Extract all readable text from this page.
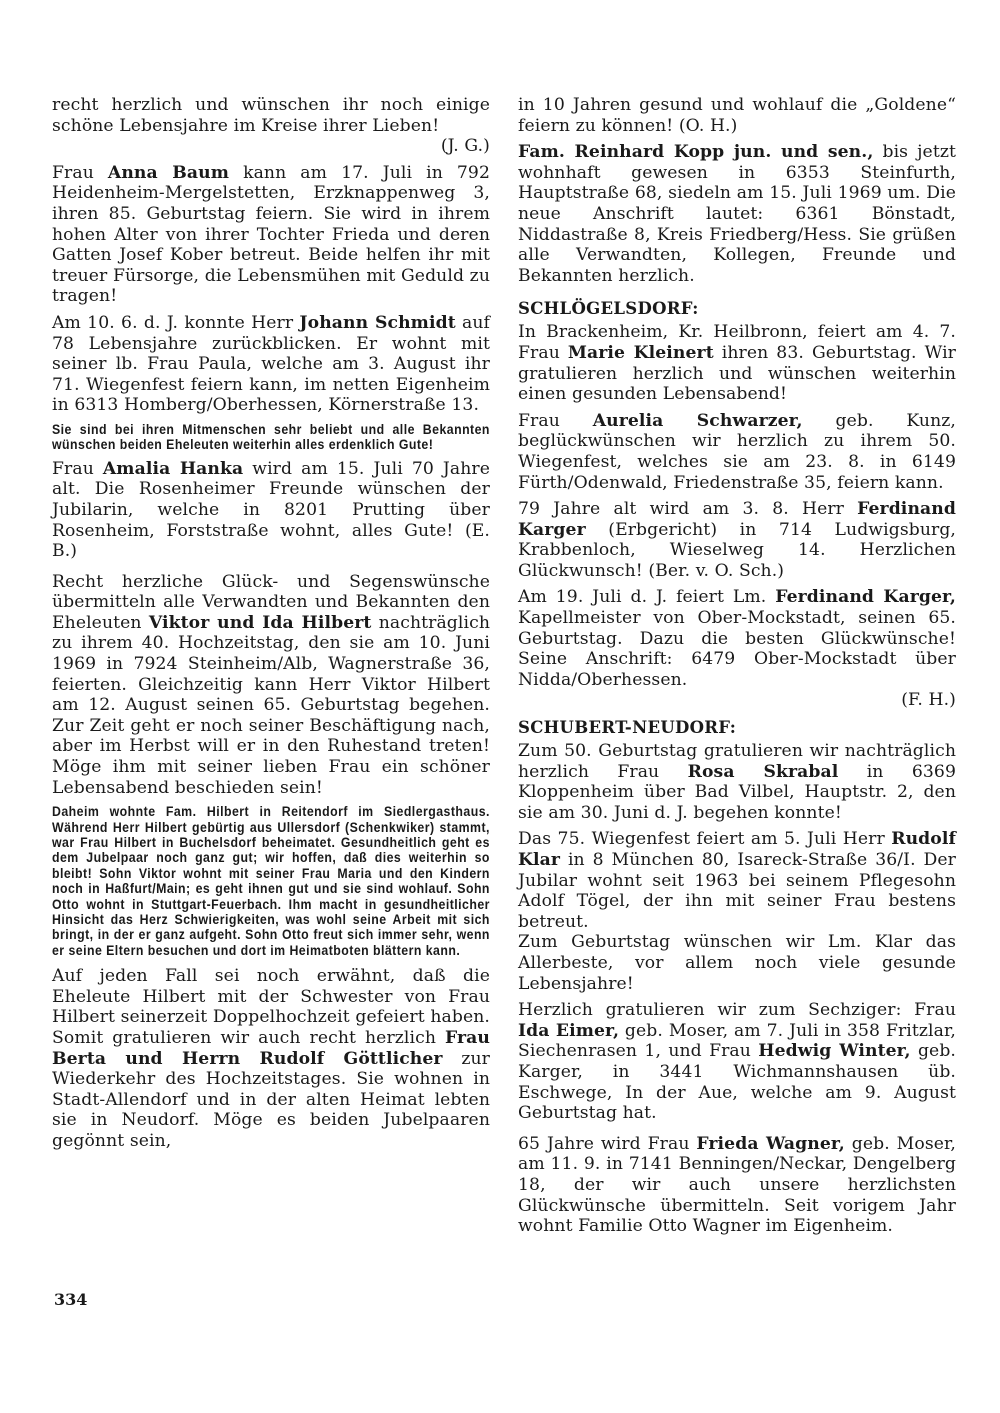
recht herzlich und wünschen ihr noch einige schöne Lebensjahre im Kreise ihrer Lieben!
(J. G.)

Frau Anna Baum kann am 17. Juli in 792 Heidenheim-Mergelstetten, Erzknappenweg 3, ihren 85. Geburtstag feiern. Sie wird in ihrem hohen Alter von ihrer Tochter Frieda und deren Gatten Josef Kober betreut. Beide helfen ihr mit treuer Fürsorge, die Lebensmühen mit Geduld zu tragen!

Am 10. 6. d. J. konnte Herr Johann Schmidt auf 78 Lebensjahre zurückblicken. Er wohnt mit seiner lb. Frau Paula, welche am 3. August ihr 71. Wiegenfest feiern kann, im netten Eigenheim in 6313 Homberg/Oberhessen, Körnerstraße 13.

Sie sind bei ihren Mitmenschen sehr beliebt und alle Bekannten wünschen beiden Eheleuten weiterhin alles erdenklich Gute!

Frau Amalia Hanka wird am 15. Juli 70 Jahre alt. Die Rosenheimer Freunde wünschen der Jubilarin, welche in 8201 Prutting über Rosenheim, Forststraße wohnt, alles Gute! (E. B.)

Recht herzliche Glück- und Segenswünsche übermitteln alle Verwandten und Bekannten den Eheleuten Viktor und Ida Hilbert nachträglich zu ihrem 40. Hochzeitstag, den sie am 10. Juni 1969 in 7924 Steinheim/Alb, Wagnerstraße 36, feierten. Gleichzeitig kann Herr Viktor Hilbert am 12. August seinen 65. Geburtstag begehen. Zur Zeit geht er noch seiner Beschäftigung nach, aber im Herbst will er in den Ruhestand treten! Möge ihm mit seiner lieben Frau ein schöner Lebensabend beschieden sein!

Daheim wohnte Fam. Hilbert in Reitendorf im Siedlergasthaus. Während Herr Hilbert gebürtig aus Ullersdorf (Schenkwiker) stammt, war Frau Hilbert in Buchelsdorf beheimatet. Gesundheitlich geht es dem Jubelpaar noch ganz gut; wir hoffen, daß dies weiterhin so bleibt! Sohn Viktor wohnt mit seiner Frau Maria und den Kindern noch in Haßfurt/Main; es geht ihnen gut und sie sind wohlauf. Sohn Otto wohnt in Stuttgart-Feuerbach. Ihm macht in gesundheitlicher Hinsicht das Herz Schwierigkeiten, was wohl seine Arbeit mit sich bringt, in der er ganz aufgeht. Sohn Otto freut sich immer sehr, wenn er seine Eltern besuchen und dort im Heimatboten blättern kann.

Auf jeden Fall sei noch erwähnt, daß die Eheleute Hilbert mit der Schwester von Frau Hilbert seinerzeit Doppelhochzeit gefeiert haben. Somit gratulieren wir auch recht herzlich Frau Berta und Herrn Rudolf Göttlicher zur Wiederkehr des Hochzeitstages. Sie wohnen in Stadt-Allendorf und in der alten Heimat lebten sie in Neudorf. Möge es beiden Jubelpaaren gegönnt sein,

in 10 Jahren gesund und wohlauf die „Goldene“ feiern zu können! (O. H.)

Fam. Reinhard Kopp jun. und sen., bis jetzt wohnhaft gewesen in 6353 Steinfurth, Hauptstraße 68, siedeln am 15. Juli 1969 um. Die neue Anschrift lautet: 6361 Bönstadt, Niddastraße 8, Kreis Friedberg/Hess. Sie grüßen alle Verwandten, Kollegen, Freunde und Bekannten herzlich.

SCHLÖGELSDORF:

In Brackenheim, Kr. Heilbronn, feiert am 4. 7. Frau Marie Kleinert ihren 83. Geburtstag. Wir gratulieren herzlich und wünschen weiterhin einen gesunden Lebensabend!

Frau Aurelia Schwarzer, geb. Kunz, beglückwünschen wir herzlich zu ihrem 50. Wiegenfest, welches sie am 23. 8. in 6149 Fürth/Odenwald, Friedenstraße 35, feiern kann.

79 Jahre alt wird am 3. 8. Herr Ferdinand Karger (Erbgericht) in 714 Ludwigsburg, Krabbenloch, Wieselweg 14. Herzlichen Glückwunsch! (Ber. v. O. Sch.)

Am 19. Juli d. J. feiert Lm. Ferdinand Karger, Kapellmeister von Ober-Mockstadt, seinen 65. Geburtstag. Dazu die besten Glückwünsche! Seine Anschrift: 6479 Ober-Mockstadt über Nidda/Oberhessen.
(F. H.)

SCHUBERT-NEUDORF:

Zum 50. Geburtstag gratulieren wir nachträglich herzlich Frau Rosa Skrabal in 6369 Kloppenheim über Bad Vilbel, Hauptstr. 2, den sie am 30. Juni d. J. begehen konnte!

Das 75. Wiegenfest feiert am 5. Juli Herr Rudolf Klar in 8 München 80, Isareck-Straße 36/I. Der Jubilar wohnt seit 1963 bei seinem Pflegesohn Adolf Tögel, der ihn mit seiner Frau bestens betreut.

Zum Geburtstag wünschen wir Lm. Klar das Allerbeste, vor allem noch viele gesunde Lebensjahre!

Herzlich gratulieren wir zum Sechziger: Frau Ida Eimer, geb. Moser, am 7. Juli in 358 Fritzlar, Siechenrasen 1, und Frau Hedwig Winter, geb. Karger, in 3441 Wichmannshausen üb. Eschwege, In der Aue, welche am 9. August Geburtstag hat.

65 Jahre wird Frau Frieda Wagner, geb. Moser, am 11. 9. in 7141 Benningen/Neckar, Dengelberg 18, der wir auch unsere herzlichsten Glückwünsche übermitteln. Seit vorigem Jahr wohnt Familie Otto Wagner im Eigenheim.

334
